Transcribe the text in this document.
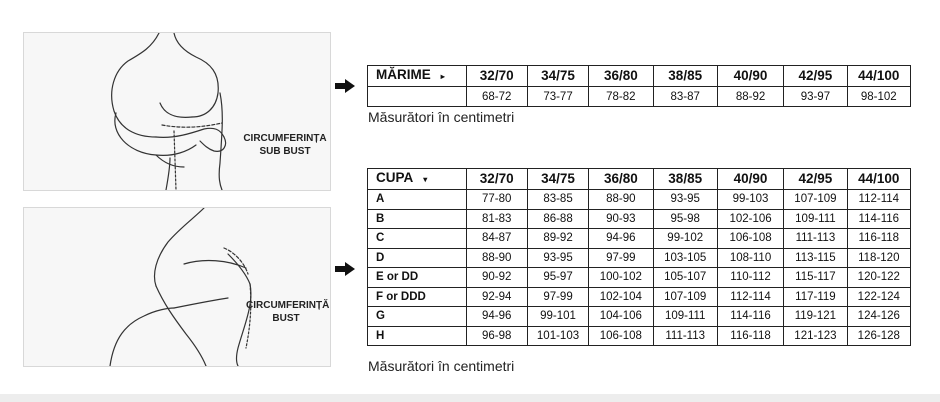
CIRCUMFERINȚA
SUB BUST
CIRCUMFERINȚĂ
BUST
MĂRIME ▸	32/70	34/75	36/80	38/85	40/90	42/95	44/100
	68-72	73-77	78-82	83-87	88-92	93-97	98-102
Măsurători în centimetri
CUPA ▾	32/70	34/75	36/80	38/85	40/90	42/95	44/100
A	77-80	83-85	88-90	93-95	99-103	107-109	112-114
B	81-83	86-88	90-93	95-98	102-106	109-111	114-116
C	84-87	89-92	94-96	99-102	106-108	111-113	116-118
D	88-90	93-95	97-99	103-105	108-110	113-115	118-120
E or DD	90-92	95-97	100-102	105-107	110-112	115-117	120-122
F or DDD	92-94	97-99	102-104	107-109	112-114	117-119	122-124
G	94-96	99-101	104-106	109-111	114-116	119-121	124-126
H	96-98	101-103	106-108	111-113	116-118	121-123	126-128
Măsurători în centimetri
